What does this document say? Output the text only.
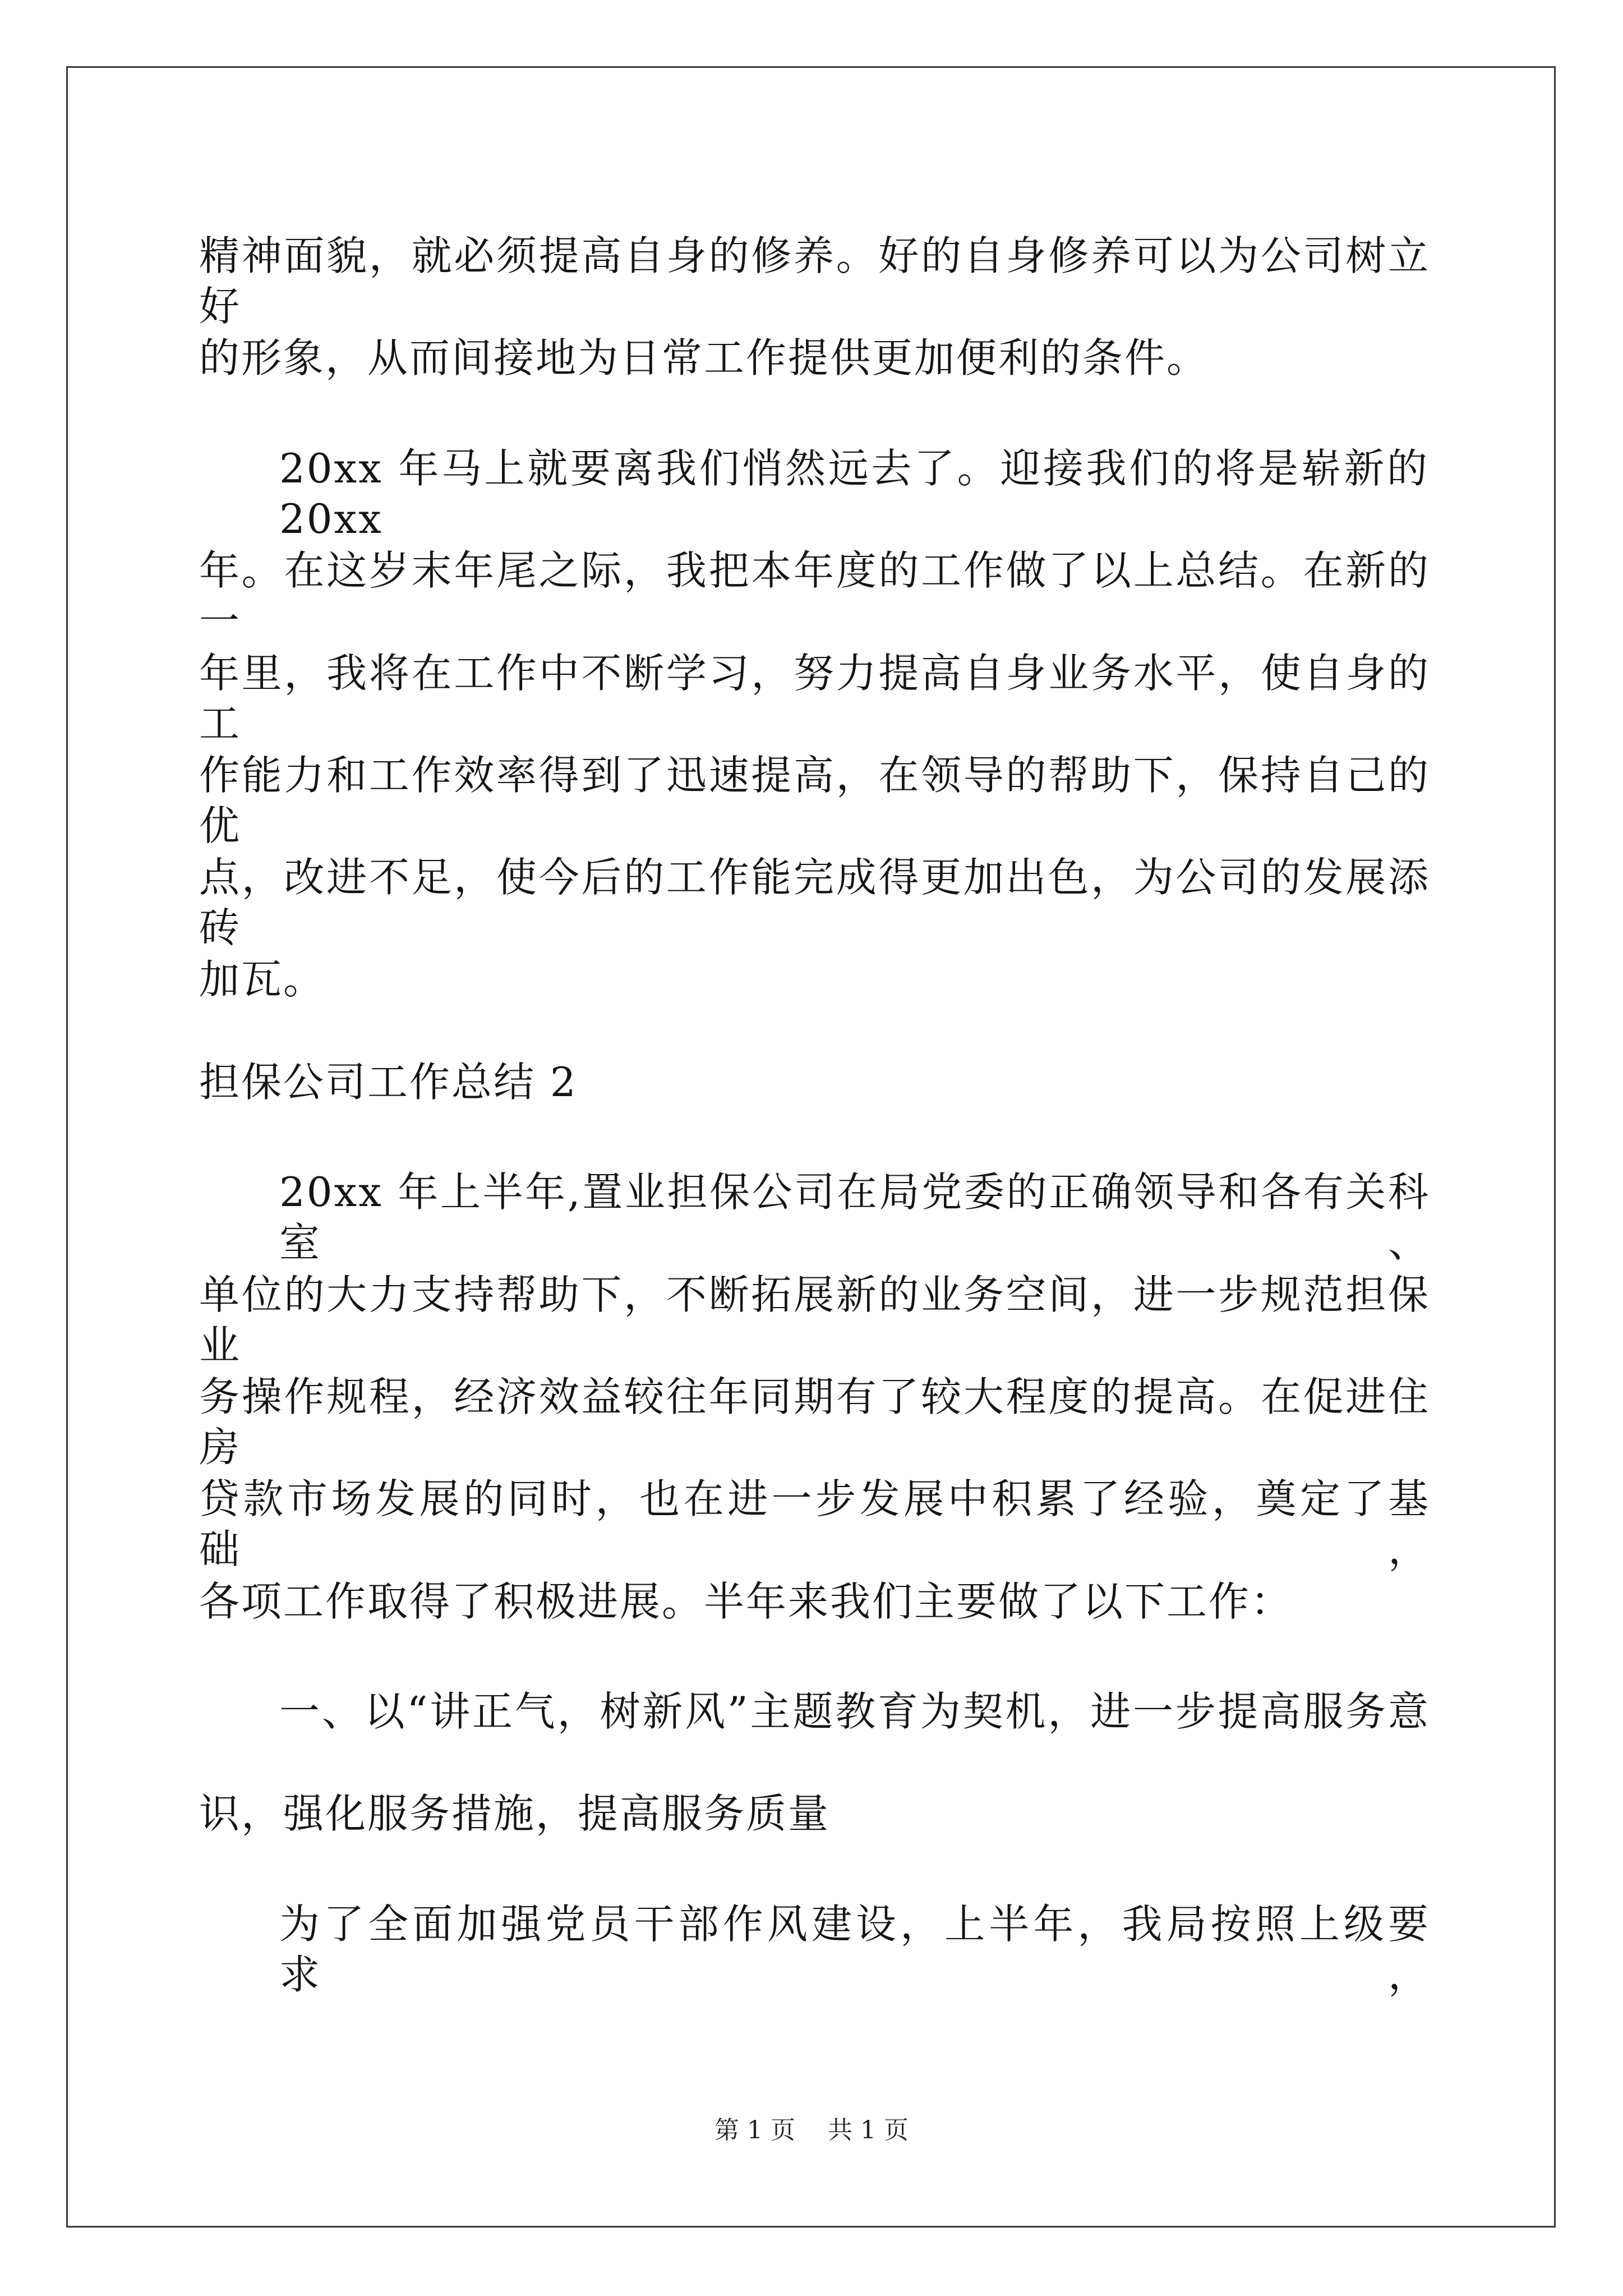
精神面貌，就必须提高自身的修养。好的自身修养可以为公司树立好

的形象，从而间接地为日常工作提供更加便利的条件。

20xx 年马上就要离我们悄然远去了。迎接我们的将是崭新的 20xx

年。在这岁末年尾之际，我把本年度的工作做了以上总结。在新的一

年里，我将在工作中不断学习，努力提高自身业务水平，使自身的工

作能力和工作效率得到了迅速提高，在领导的帮助下，保持自己的优

点，改进不足，使今后的工作能完成得更加出色，为公司的发展添砖

加瓦。

担保公司工作总结 2

20xx 年上半年,置业担保公司在局党委的正确领导和各有关科室、

单位的大力支持帮助下，不断拓展新的业务空间，进一步规范担保业

务操作规程，经济效益较往年同期有了较大程度的提高。在促进住房

贷款市场发展的同时，也在进一步发展中积累了经验，奠定了基础，

各项工作取得了积极进展。半年来我们主要做了以下工作：

一、以“讲正气，树新风”主题教育为契机，进一步提高服务意

识，强化服务措施，提高服务质量

为了全面加强党员干部作风建设，上半年，我局按照上级要求，

第 1 页　 共 1 页
